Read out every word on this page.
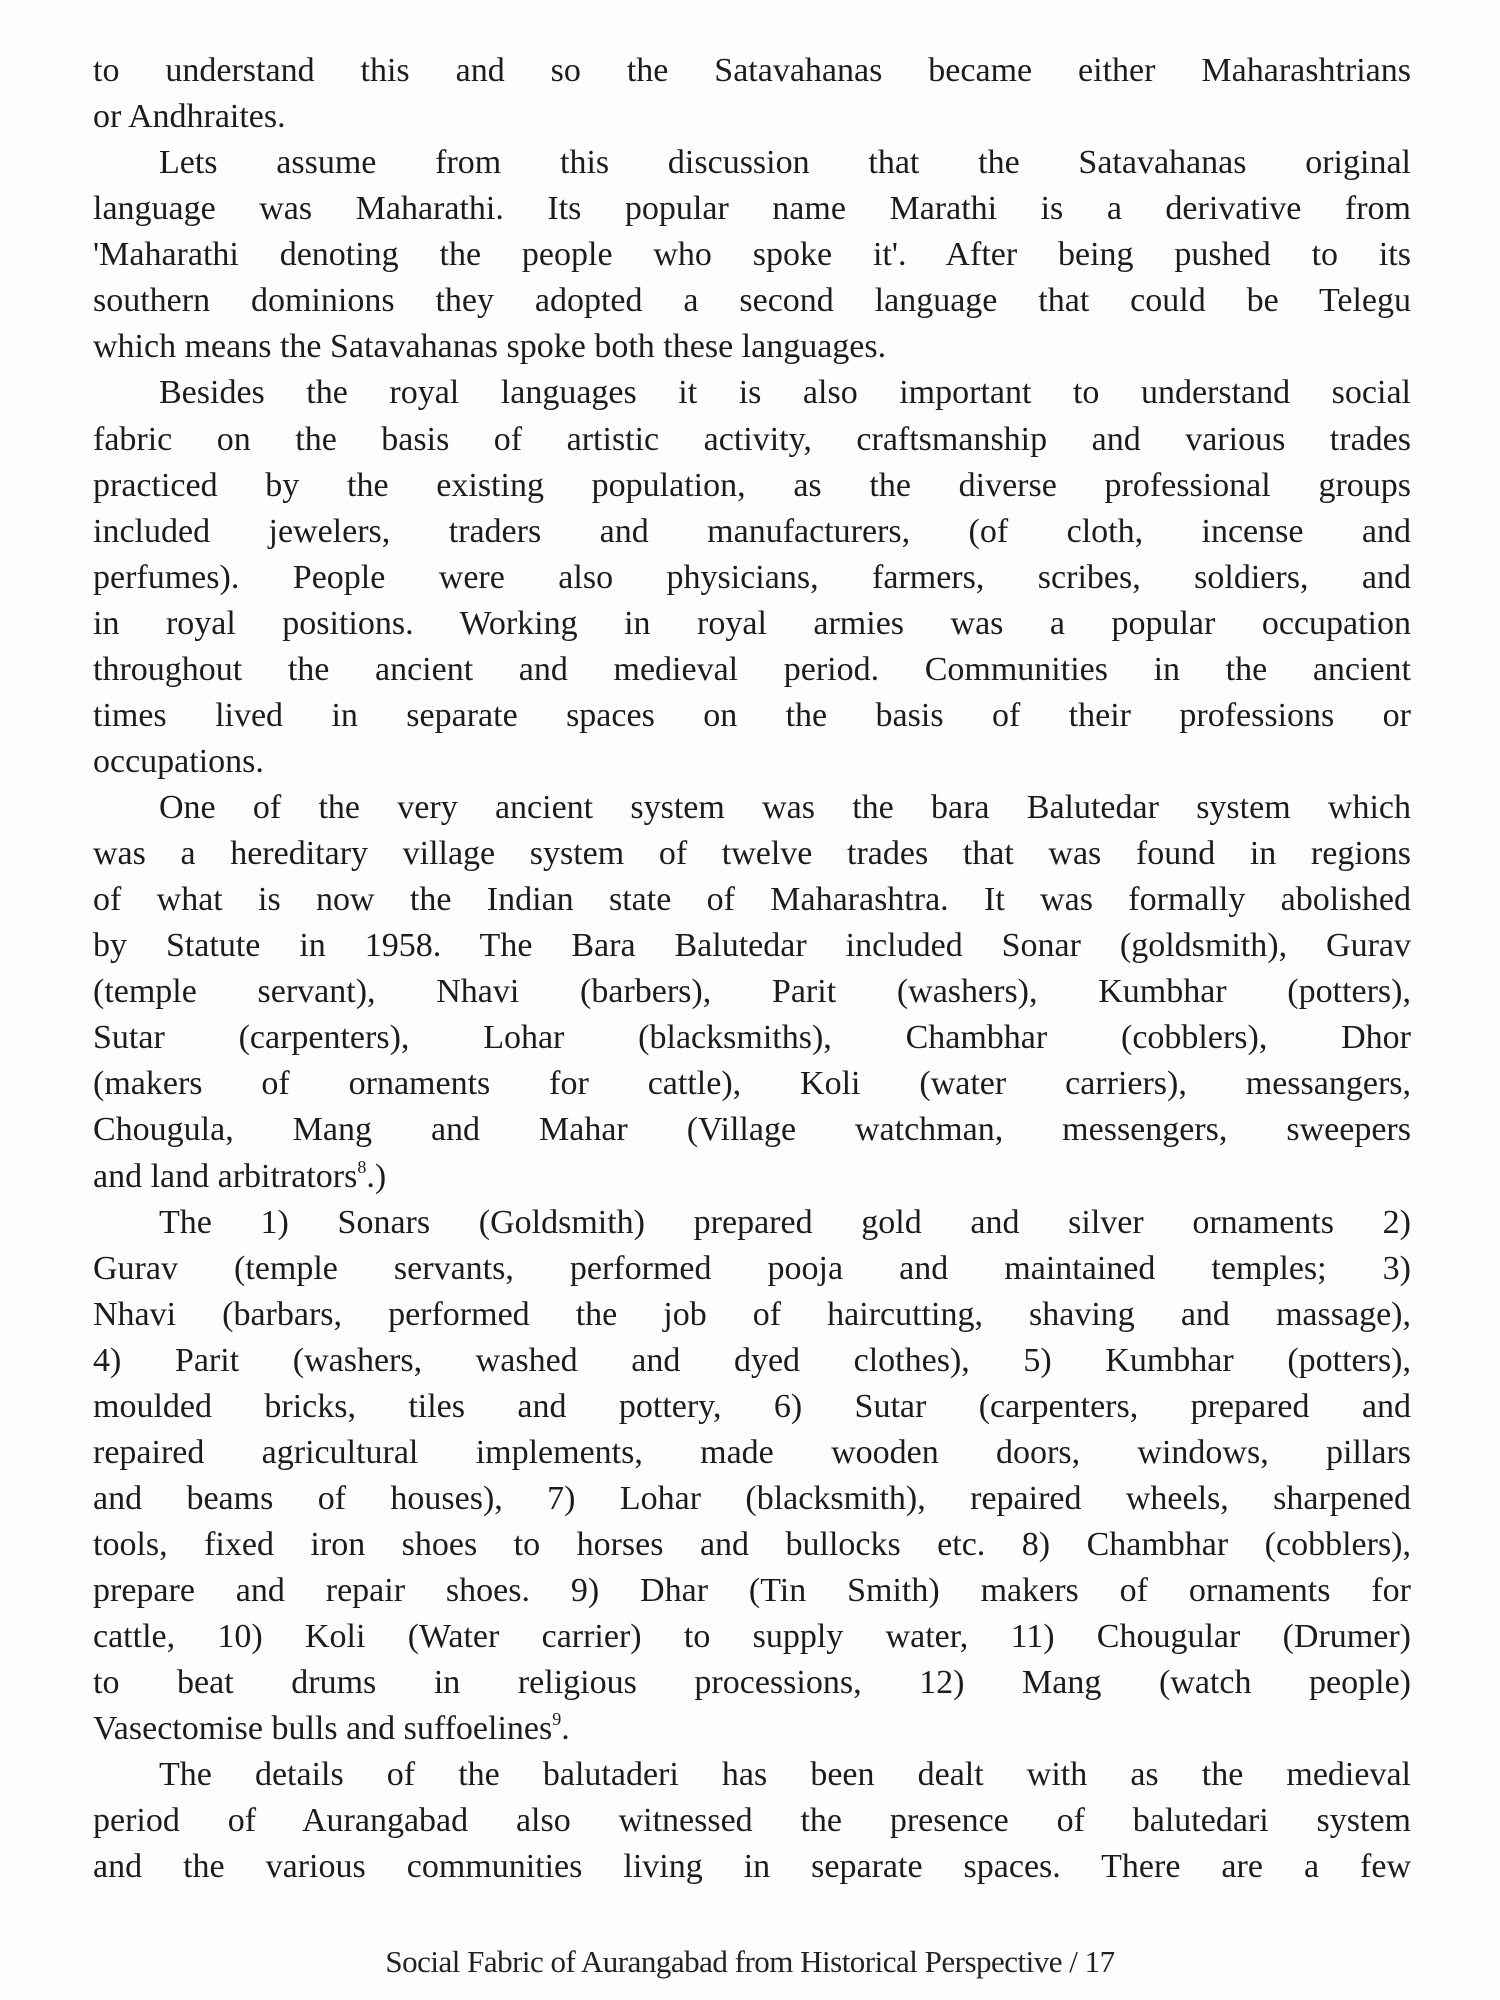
to understand this and so the Satavahanas became either Maharashtrians
or Andhraites.
Lets assume from this discussion that the Satavahanas original
language was Maharathi. Its popular name Marathi is a derivative from
'Maharathi denoting the people who spoke it'. After being pushed to its
southern dominions they adopted a second language that could be Telegu
which means the Satavahanas spoke both these languages.
Besides the royal languages it is also important to understand social
fabric on the basis of artistic activity, craftsmanship and various trades
practiced by the existing population, as the diverse professional groups
included jewelers, traders and manufacturers, (of cloth, incense and
perfumes). People were also physicians, farmers, scribes, soldiers, and
in royal positions. Working in royal armies was a popular occupation
throughout the ancient and medieval period. Communities in the ancient
times lived in separate spaces on the basis of their professions or
occupations.
One of the very ancient system was the bara Balutedar system which
was a hereditary village system of twelve trades that was found in regions
of what is now the Indian state of Maharashtra. It was formally abolished
by Statute in 1958. The Bara Balutedar included Sonar (goldsmith), Gurav
(temple servant), Nhavi (barbers), Parit (washers), Kumbhar (potters),
Sutar (carpenters), Lohar (blacksmiths), Chambhar (cobblers), Dhor
(makers of ornaments for cattle), Koli (water carriers), messangers,
Chougula, Mang and Mahar (Village watchman, messengers, sweepers
and land arbitrators$^8$.)
The 1) Sonars (Goldsmith) prepared gold and silver ornaments 2)
Gurav (temple servants, performed pooja and maintained temples; 3)
Nhavi (barbars, performed the job of haircutting, shaving and massage),
4) Parit (washers, washed and dyed clothes), 5) Kumbhar (potters),
moulded bricks, tiles and pottery, 6) Sutar (carpenters, prepared and
repaired agricultural implements, made wooden doors, windows, pillars
and beams of houses), 7) Lohar (blacksmith), repaired wheels, sharpened
tools, fixed iron shoes to horses and bullocks etc. 8) Chambhar (cobblers),
prepare and repair shoes. 9) Dhar (Tin Smith) makers of ornaments for
cattle, 10) Koli (Water carrier) to supply water, 11) Chougular (Drumer)
to beat drums in religious processions, 12) Mang (watch people)
Vasectomise bulls and suffoelines$^9$.
The details of the balutaderi has been dealt with as the medieval
period of Aurangabad also witnessed the presence of balutedari system
and the various communities living in separate spaces. There are a few
Social Fabric of Aurangabad from Historical Perspective / 17
